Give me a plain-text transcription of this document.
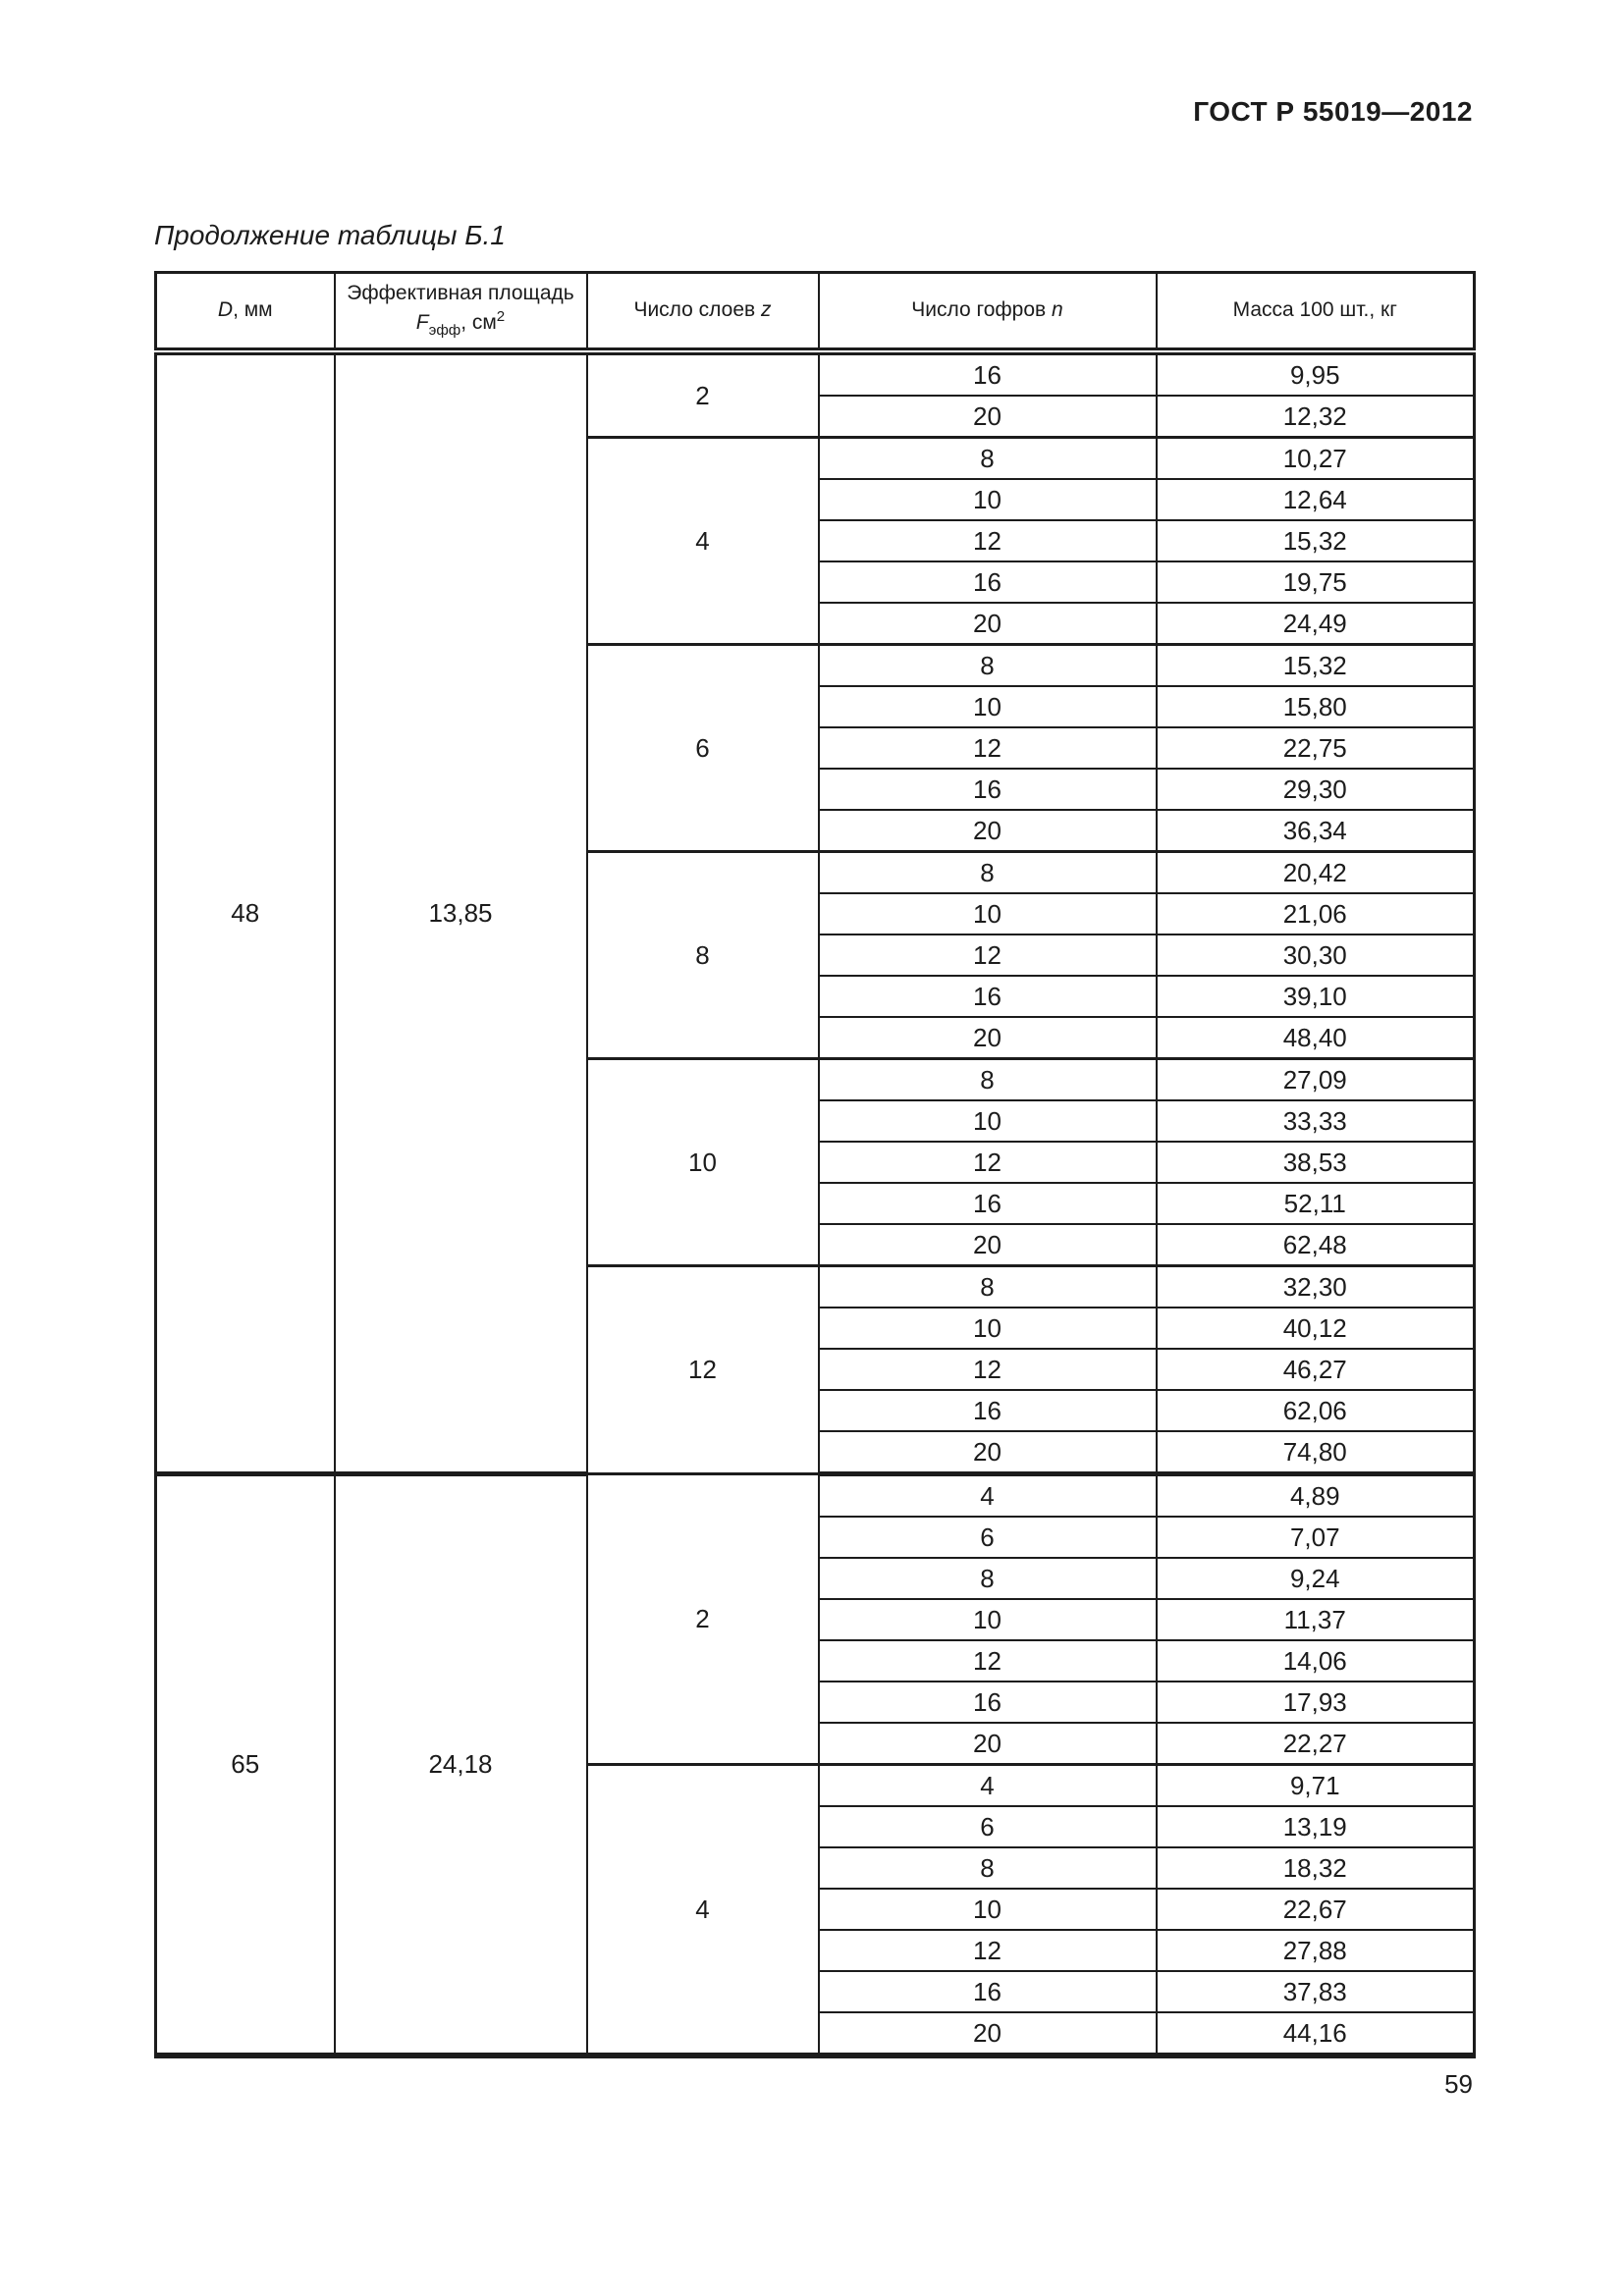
ГОСТ Р 55019—2012
Продолжение таблицы Б.1
D, мм	Эффективная площадь $F_{эфф}$, $см^2$	Число слоев z	Число гофров n	Масса 100 шт., кг
48	13,85	2	16	9,95
			20	12,32
		4	8	10,27
			10	12,64
			12	15,32
			16	19,75
			20	24,49
		6	8	15,32
			10	15,80
			12	22,75
			16	29,30
			20	36,34
		8	8	20,42
			10	21,06
			12	30,30
			16	39,10
			20	48,40
		10	8	27,09
			10	33,33
			12	38,53
			16	52,11
			20	62,48
		12	8	32,30
			10	40,12
			12	46,27
			16	62,06
			20	74,80
65	24,18	2	4	4,89
			6	7,07
			8	9,24
			10	11,37
			12	14,06
			16	17,93
			20	22,27
		4	4	9,71
			6	13,19
			8	18,32
			10	22,67
			12	27,88
			16	37,83
			20	44,16
59
